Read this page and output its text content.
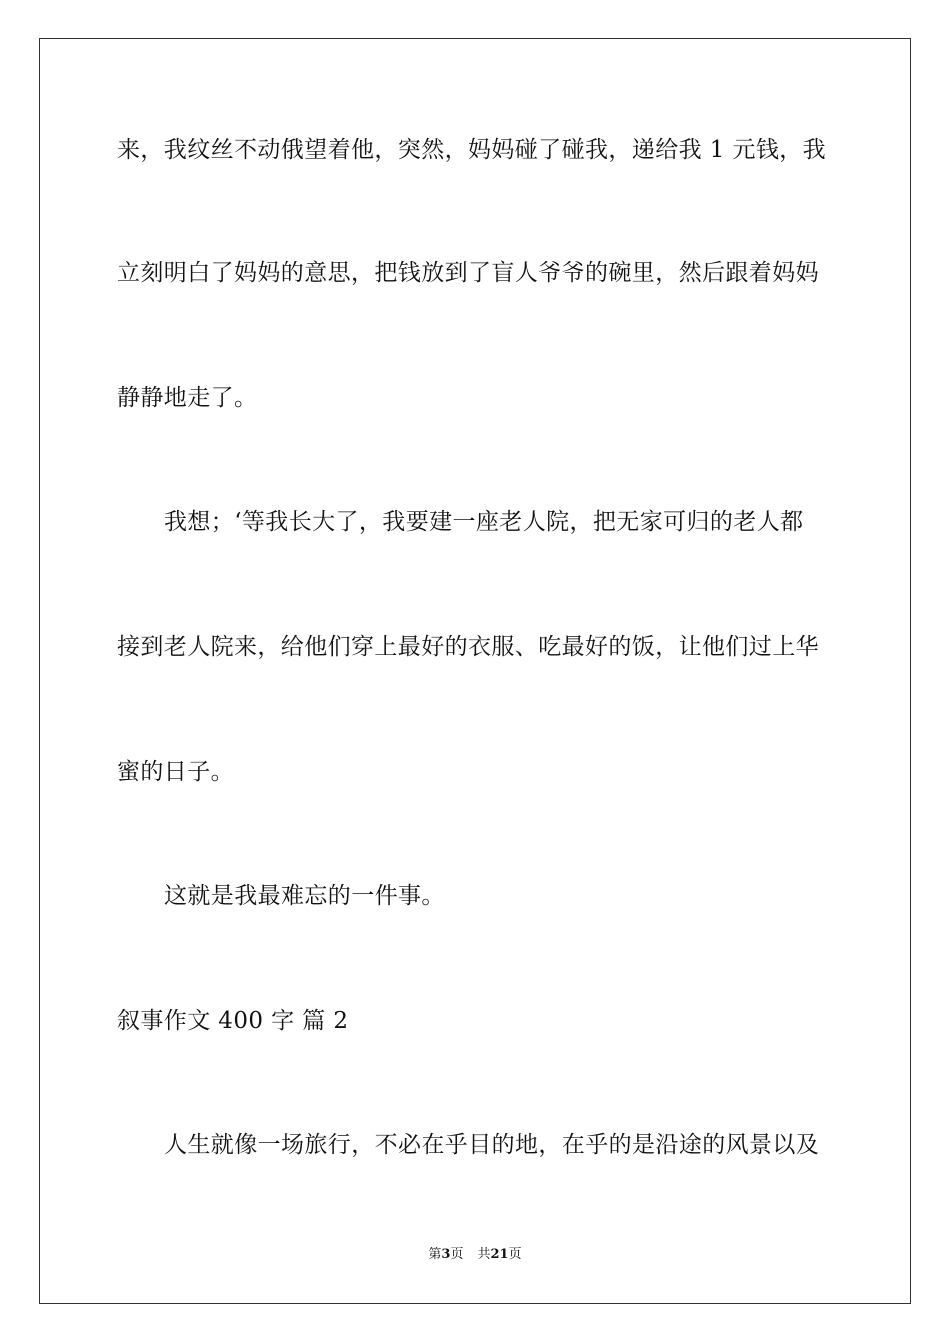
来，我纹丝不动俄望着他，突然，妈妈碰了碰我，递给我 1 元钱，我
立刻明白了妈妈的意思，把钱放到了盲人爷爷的碗里，然后跟着妈妈
静静地走了。
我想；‘等我长大了，我要建一座老人院，把无家可归的老人都
接到老人院来，给他们穿上最好的衣服、吃最好的饭，让他们过上华
蜜的日子。
这就是我最难忘的一件事。
叙事作文 400 字 篇 2
人生就像一场旅行，不必在乎目的地，在乎的是沿途的风景以及
第3页 共21页
